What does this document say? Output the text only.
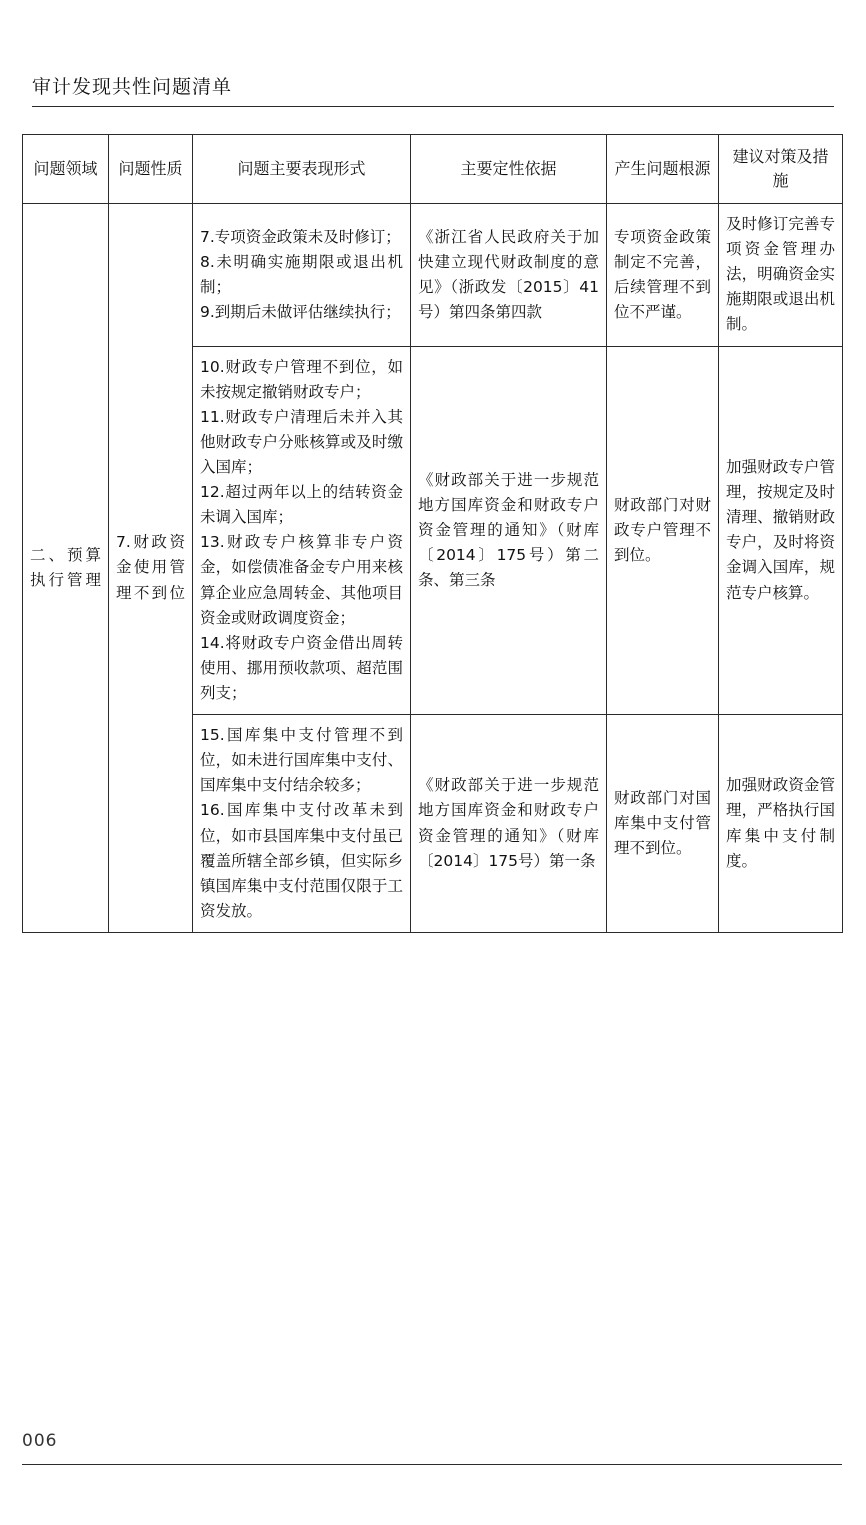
审计发现共性问题清单
问题领域	问题性质	问题主要表现形式	主要定性依据	产生问题根源	建议对策及措施

二、预算执行管理	7.财政资金使用管理不到位	7.专项资金政策未及时修订；
8.未明确实施期限或退出机制；
9.到期后未做评估继续执行；	《浙江省人民政府关于加快建立现代财政制度的意见》（浙政发〔2015〕41号）第四条第四款	专项资金政策制定不完善，后续管理不到位不严谨。	及时修订完善专项资金管理办法，明确资金实施期限或退出机制。

		10.财政专户管理不到位，如未按规定撤销财政专户；
11.财政专户清理后未并入其他财政专户分账核算或及时缴入国库；
12.超过两年以上的结转资金未调入国库；
13.财政专户核算非专户资金，如偿债准备金专户用来核算企业应急周转金、其他项目资金或财政调度资金；
14.将财政专户资金借出周转使用、挪用预收款项、超范围列支；	《财政部关于进一步规范地方国库资金和财政专户资金管理的通知》（财库〔2014〕175号）第二条、第三条	财政部门对财政专户管理不到位。	加强财政专户管理，按规定及时清理、撤销财政专户，及时将资金调入国库，规范专户核算。

		15.国库集中支付管理不到位，如未进行国库集中支付、国库集中支付结余较多；
16.国库集中支付改革未到位，如市县国库集中支付虽已覆盖所辖全部乡镇，但实际乡镇国库集中支付范围仅限于工资发放。	《财政部关于进一步规范地方国库资金和财政专户资金管理的通知》（财库〔2014〕175号）第一条	财政部门对国库集中支付管理不到位。	加强财政资金管理，严格执行国库集中支付制度。
006
